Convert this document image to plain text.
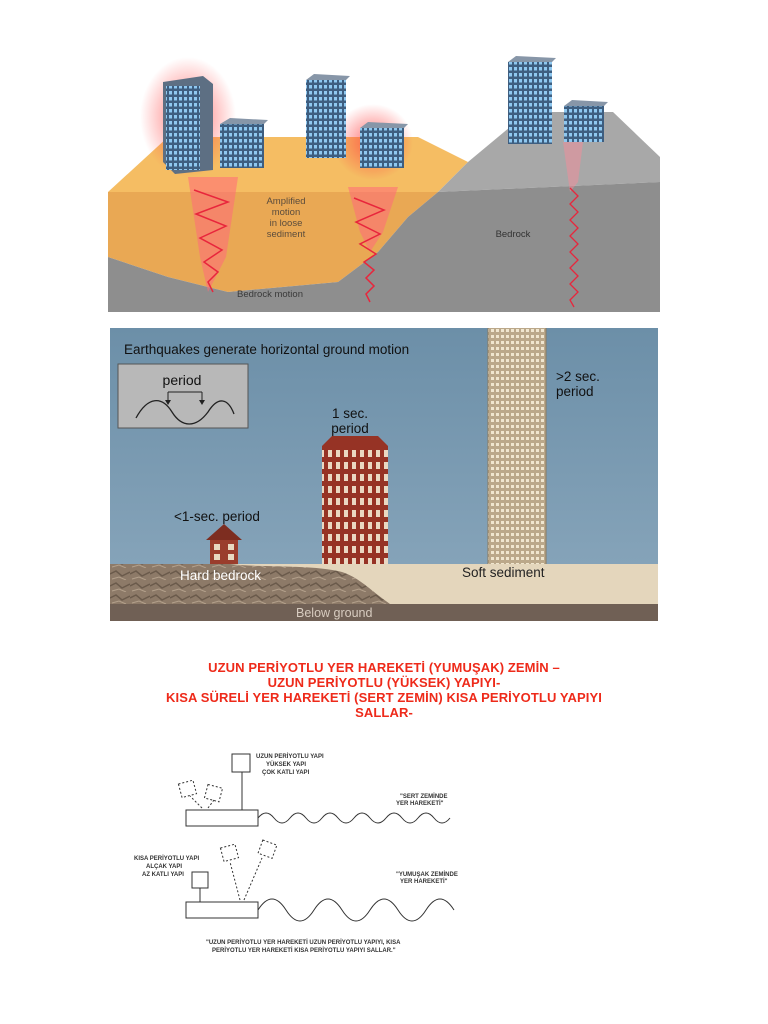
Amplified
motion
in loose
sediment	Bedrock
Bedrock motion
Earthquakes generate horizontal ground motion
period
<1-sec. period
1 sec.
period
>2 sec.
period
Hard bedrock	Soft sediment
Below ground
UZUN PERİYOTLU YER HAREKETİ (YUMUŞAK) ZEMİN –
UZUN PERİYOTLU (YÜKSEK) YAPIYI-
KISA SÜRELİ YER HAREKETİ (SERT ZEMİN) KISA PERİYOTLU YAPIYI
SALLAR-
UZUN PERİYOTLU YAPI
YÜKSEK YAPI
ÇOK KATLI YAPI
"SERT ZEMİNDE
YER HAREKETİ"
KISA PERİYOTLU YAPI
ALÇAK YAPI
AZ KATLI YAPI	"YUMUŞAK ZEMİNDE
YER HAREKETİ"
"UZUN PERİYOTLU YER HAREKETİ UZUN PERİYOTLU YAPIYI, KISA
PERİYOTLU YER HAREKETİ KISA PERİYOTLU YAPIYI SALLAR."
